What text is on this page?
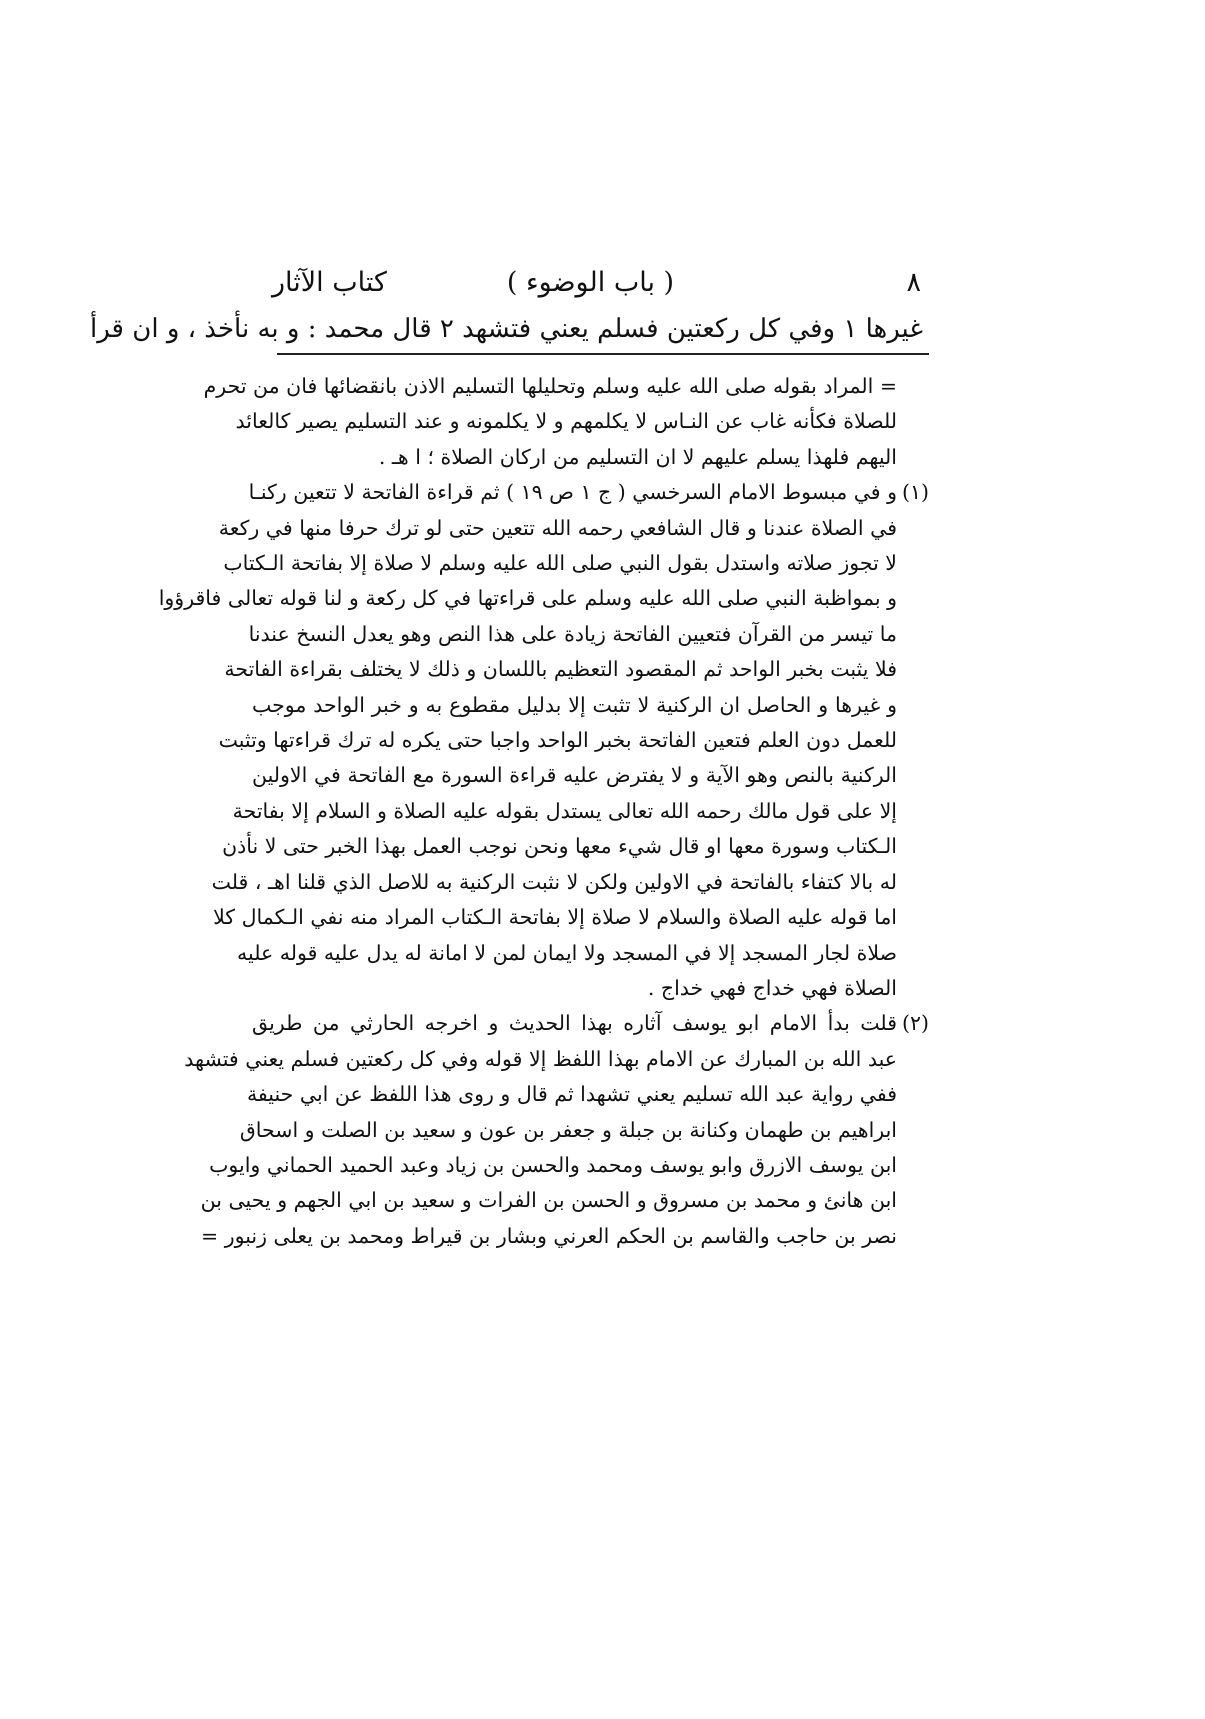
٨
( باب الوضوء )
كتاب الآثار
غيرها ١ وفي كل ركعتين فسلم يعني فتشهد ٢ قال محمد : و به نأخذ ، و ان قرأ
= المراد بقوله صلى الله عليه وسلم وتحليلها التسليم الاذن بانقضائها فان من تحرم
للصلاة فكأنه غاب عن النـاس لا يكلمهم و لا يكلمونه و عند التسليم يصير كالعائد
اليهم فلهذا يسلم عليهم لا ان التسليم من اركان الصلاة ؛ ا هـ .
(١)و في مبسوط الامام السرخسي ( ج ١ ص ١٩ ) ثم قراءة الفاتحة لا تتعين ركنـا
في الصلاة عندنا و قال الشافعي رحمه الله تتعين حتى لو ترك حرفا منها في ركعة
لا تجوز صلاته واستدل بقول النبي صلى الله عليه وسلم لا صلاة إلا بفاتحة الـكتاب
و بمواظبة النبي صلى الله عليه وسلم على قراءتها في كل ركعة و لنا قوله تعالى فاقرؤوا
ما تيسر من القرآن فتعيين الفاتحة زيادة على هذا النص وهو يعدل النسخ عندنا
فلا يثبت بخبر الواحد ثم المقصود التعظيم باللسان و ذلك لا يختلف بقراءة الفاتحة
و غيرها و الحاصل ان الركنية لا تثبت إلا بدليل مقطوع به و خبر الواحد موجب
للعمل دون العلم فتعين الفاتحة بخبر الواحد واجبا حتى يكره له ترك قراءتها وتثبت
الركنية بالنص وهو الآية و لا يفترض عليه قراءة السورة مع الفاتحة في الاولين
إلا على قول مالك رحمه الله تعالى يستدل بقوله عليه الصلاة و السلام إلا بفاتحة
الـكتاب وسورة معها او قال شيء معها ونحن نوجب العمل بهذا الخبر حتى لا نأذن
له بالا كتفاء بالفاتحة في الاولين ولكن لا نثبت الركنية به للاصل الذي قلنا اهـ ، قلت
اما قوله عليه الصلاة والسلام لا صلاة إلا بفاتحة الـكتاب المراد منه نفي الـكمال كلا
صلاة لجار المسجد إلا في المسجد ولا ايمان لمن لا امانة له يدل عليه قوله عليه
الصلاة فهي خداج فهي خداج .
(٢)قلت بدأ الامام ابو يوسف آثاره بهذا الحديث و اخرجه الحارثي من طريق
عبد الله بن المبارك عن الامام بهذا اللفظ إلا قوله وفي كل ركعتين فسلم يعني فتشهد
ففي رواية عبد الله تسليم يعني تشهدا ثم قال و روى هذا اللفظ عن ابي حنيفة
ابراهيم بن طهمان وكنانة بن جبلة و جعفر بن عون و سعيد بن الصلت و اسحاق
ابن يوسف الازرق وابو يوسف ومحمد والحسن بن زياد وعبد الحميد الحماني وايوب
ابن هانئ و محمد بن مسروق و الحسن بن الفرات و سعيد بن ابي الجهم و يحيى بن
نصر بن حاجب والقاسم بن الحكم العرني وبشار بن قيراط ومحمد بن يعلى زنبور =
